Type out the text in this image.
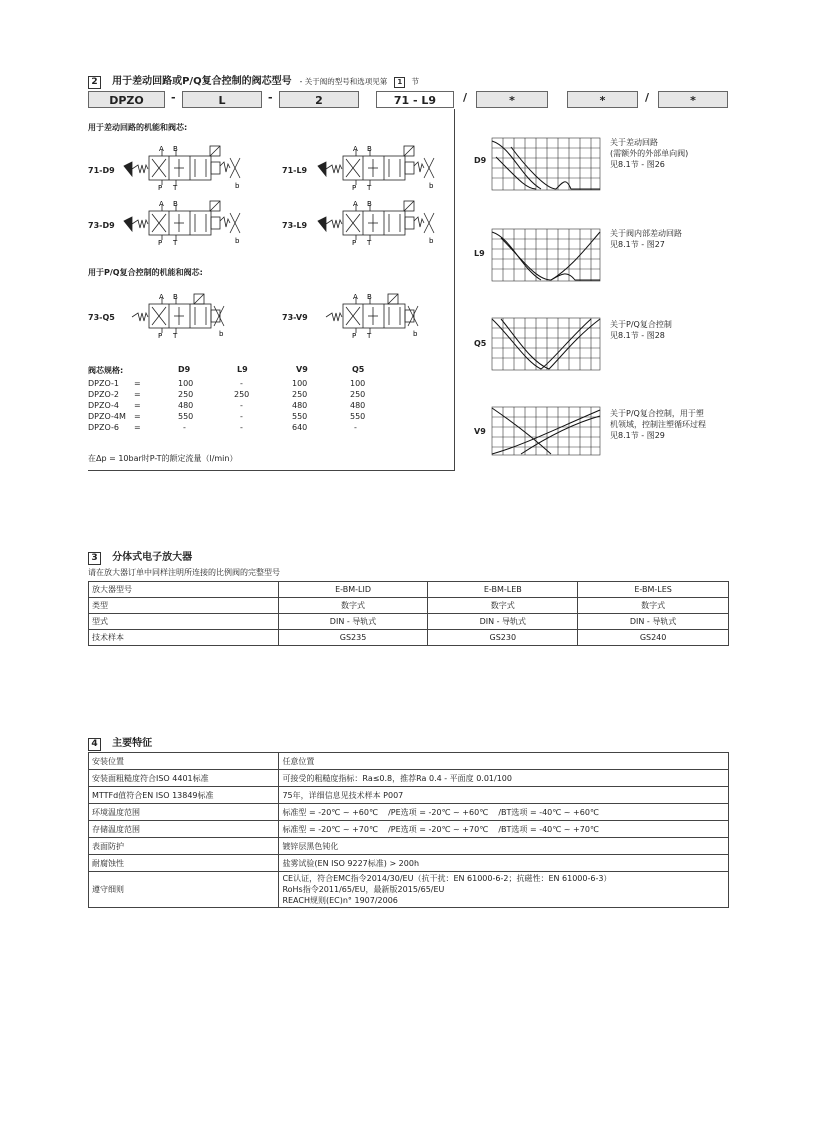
2 用于差动回路或P/Q复合控制的阀芯型号 - 关于阀的型号和选项见第 1 节
DPZO	-	L	-	2	71 - L9	/	*	*	/	*
用于差动回路的机能和阀芯:
用于P/Q复合控制的机能和阀芯:
71-D9	71-L9
73-D9	73-L9
73-Q5	73-V9
A B
P T	b
A B
P T	b
A B
P T	b
A B
P T	b
A B
P T	b
A B
P T	b
阀芯规格:	D9	L9	V9	Q5
DPZO-1 =	100	-	100	100
DPZO-2 =	250	250	250	250
DPZO-4 =	480	-	480	480
DPZO-4M =	550	-	550	550
DPZO-6 =	-	-	640	-
在Δp = 10bar时P-T的额定流量（l/min）
D9
关于差动回路
(需额外的外部单向阀)
见8.1节 - 图26
L9
关于阀内部差动回路
见8.1节 - 图27
Q5
关于P/Q复合控制
见8.1节 - 图28
V9
关于P/Q复合控制，用于塑
机领域，控制注塑循环过程
见8.1节 - 图29
3 分体式电子放大器
请在放大器订单中同样注明所连接的比例阀的完整型号
放大器型号	E-BM-LID	E-BM-LEB	E-BM-LES
类型	数字式	数字式	数字式
型式	DIN - 导轨式	DIN - 导轨式	DIN - 导轨式
技术样本	GS235	GS230	GS240
4 主要特征
安装位置	任意位置
安装面粗糙度符合ISO 4401标准	可接受的粗糙度指标：Ra≤0.8，推荐Ra 0.4 - 平面度 0.01/100
MTTFd值符合EN ISO 13849标准	75年，详细信息见技术样本 P007
环境温度范围	标准型 = -20℃ ~ +60℃    /PE选项 = -20℃ ~ +60℃    /BT选项 = -40℃ ~ +60℃
存储温度范围	标准型 = -20℃ ~ +70℃    /PE选项 = -20℃ ~ +70℃    /BT选项 = -40℃ ~ +70℃
表面防护	镀锌层黑色钝化
耐腐蚀性	盐雾试验(EN ISO 9227标准) > 200h
遵守细则	CE认证，符合EMC指令2014/30/EU（抗干扰：EN 61000-6-2；抗磁性：EN 61000-6-3）
RoHs指令2011/65/EU，最新版2015/65/EU
REACH规则(EC)n° 1907/2006
